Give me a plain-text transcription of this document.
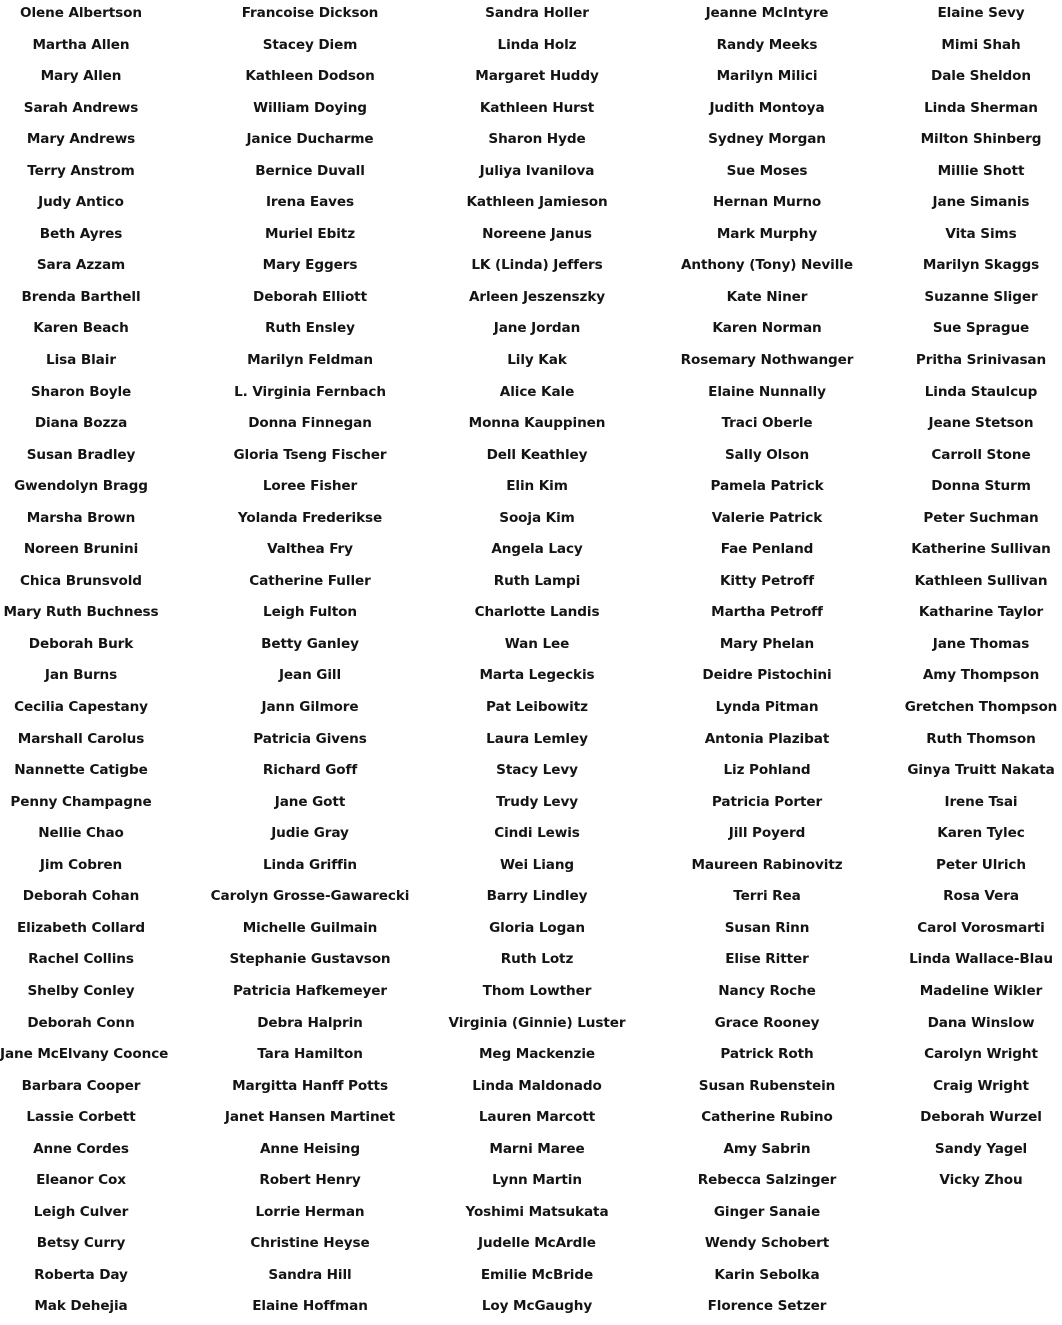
Olene Albertson
Martha Allen
Mary Allen
Sarah Andrews
Mary Andrews
Terry Anstrom
Judy Antico
Beth Ayres
Sara Azzam
Brenda Barthell
Karen Beach
Lisa Blair
Sharon Boyle
Diana Bozza
Susan Bradley
Gwendolyn Bragg
Marsha Brown
Noreen Brunini
Chica Brunsvold
Mary Ruth Buchness
Deborah Burk
Jan Burns
Cecilia Capestany
Marshall Carolus
Nannette Catigbe
Penny Champagne
Nellie Chao
Jim Cobren
Deborah Cohan
Elizabeth Collard
Rachel Collins
Shelby Conley
Deborah Conn
Jane McElvany Coonce
Barbara Cooper
Lassie Corbett
Anne Cordes
Eleanor Cox
Leigh Culver
Betsy Curry
Roberta Day
Mak Dehejia
Francoise Dickson
Stacey Diem
Kathleen Dodson
William Doying
Janice Ducharme
Bernice Duvall
Irena Eaves
Muriel Ebitz
Mary Eggers
Deborah Elliott
Ruth Ensley
Marilyn Feldman
L. Virginia Fernbach
Donna Finnegan
Gloria Tseng Fischer
Loree Fisher
Yolanda Frederikse
Valthea Fry
Catherine Fuller
Leigh Fulton
Betty Ganley
Jean Gill
Jann Gilmore
Patricia Givens
Richard Goff
Jane Gott
Judie Gray
Linda Griffin
Carolyn Grosse-Gawarecki
Michelle Guilmain
Stephanie Gustavson
Patricia Hafkemeyer
Debra Halprin
Tara Hamilton
Margitta Hanff Potts
Janet Hansen Martinet
Anne Heising
Robert Henry
Lorrie Herman
Christine Heyse
Sandra Hill
Elaine Hoffman
Sandra Holler
Linda Holz
Margaret Huddy
Kathleen Hurst
Sharon Hyde
Juliya Ivanilova
Kathleen Jamieson
Noreene Janus
LK (Linda) Jeffers
Arleen Jeszenszky
Jane Jordan
Lily Kak
Alice Kale
Monna Kauppinen
Dell Keathley
Elin Kim
Sooja Kim
Angela Lacy
Ruth Lampi
Charlotte Landis
Wan Lee
Marta Legeckis
Pat Leibowitz
Laura Lemley
Stacy Levy
Trudy Levy
Cindi Lewis
Wei Liang
Barry Lindley
Gloria Logan
Ruth Lotz
Thom Lowther
Virginia (Ginnie) Luster
Meg Mackenzie
Linda Maldonado
Lauren Marcott
Marni Maree
Lynn Martin
Yoshimi Matsukata
Judelle McArdle
Emilie McBride
Loy McGaughy
Jeanne McIntyre
Randy Meeks
Marilyn Milici
Judith Montoya
Sydney Morgan
Sue Moses
Hernan Murno
Mark Murphy
Anthony (Tony) Neville
Kate Niner
Karen Norman
Rosemary Nothwanger
Elaine Nunnally
Traci Oberle
Sally Olson
Pamela Patrick
Valerie Patrick
Fae Penland
Kitty Petroff
Martha Petroff
Mary Phelan
Deidre Pistochini
Lynda Pitman
Antonia Plazibat
Liz Pohland
Patricia Porter
Jill Poyerd
Maureen Rabinovitz
Terri Rea
Susan Rinn
Elise Ritter
Nancy Roche
Grace Rooney
Patrick Roth
Susan Rubenstein
Catherine Rubino
Amy Sabrin
Rebecca Salzinger
Ginger Sanaie
Wendy Schobert
Karin Sebolka
Florence Setzer
Elaine Sevy
Mimi Shah
Dale Sheldon
Linda Sherman
Milton Shinberg
Millie Shott
Jane Simanis
Vita Sims
Marilyn Skaggs
Suzanne Sliger
Sue Sprague
Pritha Srinivasan
Linda Staulcup
Jeane Stetson
Carroll Stone
Donna Sturm
Peter Suchman
Katherine Sullivan
Kathleen Sullivan
Katharine Taylor
Jane Thomas
Amy Thompson
Gretchen Thompson
Ruth Thomson
Ginya Truitt Nakata
Irene Tsai
Karen Tylec
Peter Ulrich
Rosa Vera
Carol Vorosmarti
Linda Wallace-Blau
Madeline Wikler
Dana Winslow
Carolyn Wright
Craig Wright
Deborah Wurzel
Sandy Yagel
Vicky Zhou
